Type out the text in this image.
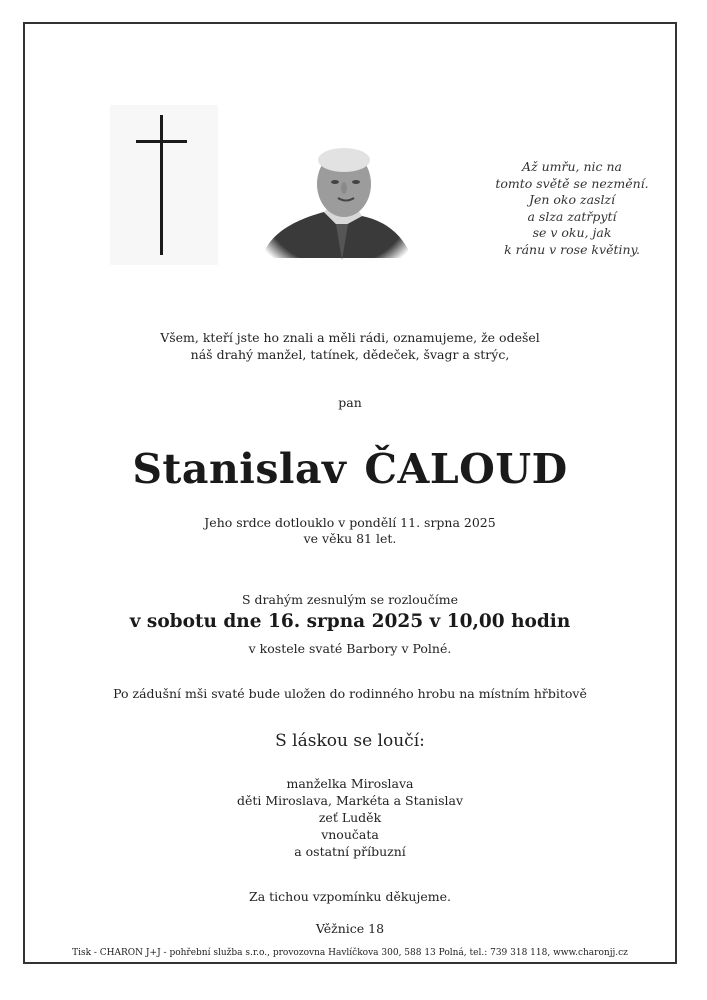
Až umřu, nic na
tomto světě se nezmění.
Jen oko zaslzí
a slza zatřpytí
se v oku, jak
k ránu v rose květiny.
Všem, kteří jste ho znali a měli rádi, oznamujeme, že odešel
náš drahý manžel, tatínek, dědeček, švagr a strýc,
pan
Stanislav ČALOUD
Jeho srdce dotlouklo v pondělí 11. srpna 2025
ve věku 81 let.
S drahým zesnulým se rozloučíme
v sobotu dne 16. srpna 2025 v 10,00 hodin
v kostele svaté Barbory v Polné.
Po zádušní mši svaté bude uložen do rodinného hrobu na místním hřbitově
S láskou se loučí:
manželka Miroslava
děti Miroslava, Markéta a Stanislav
zeť Luděk
vnoučata
a ostatní příbuzní
Za tichou vzpomínku děkujeme.
Věžnice 18
Tisk - CHARON J+J - pohřební služba s.r.o., provozovna Havlíčkova 300, 588 13 Polná, tel.: 739 318 118, www.charonjj.cz
